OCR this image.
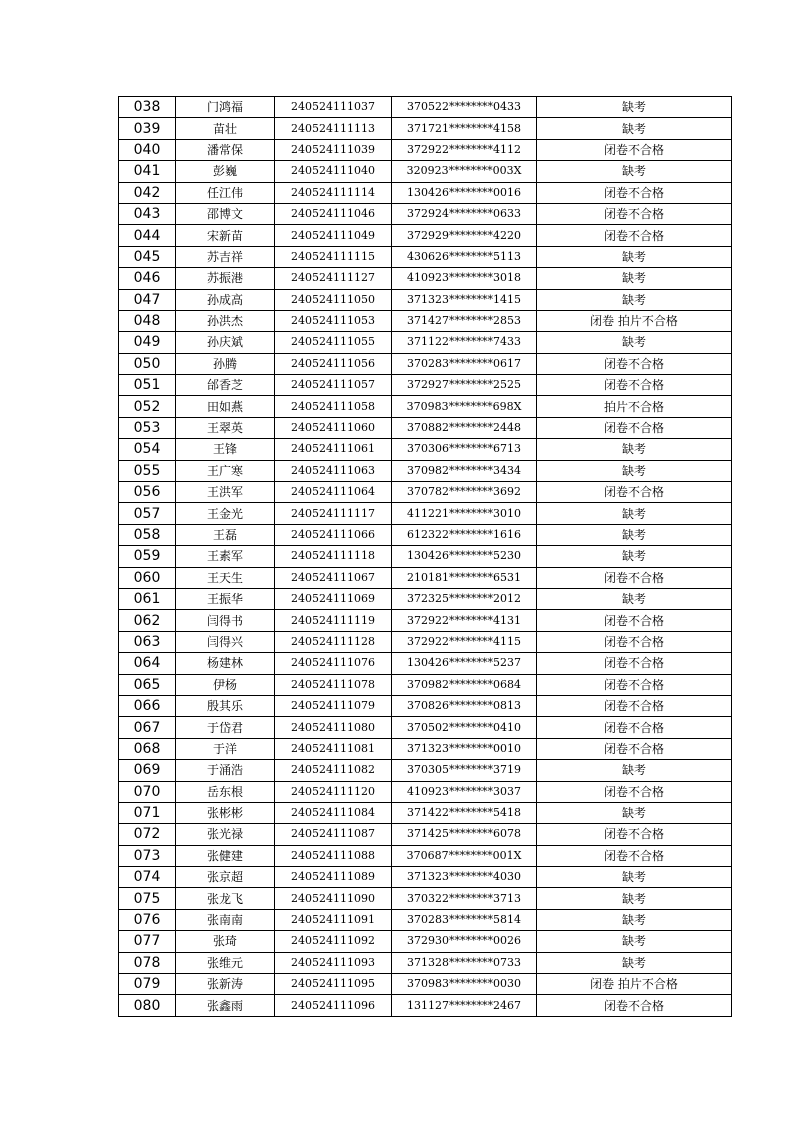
038	门鸿福	240524111037	370522********0433	缺考
039	苗壮	240524111113	371721********4158	缺考
040	潘常保	240524111039	372922********4112	闭卷不合格
041	彭巍	240524111040	320923********003X	缺考
042	任江伟	240524111114	130426********0016	闭卷不合格
043	邵博文	240524111046	372924********0633	闭卷不合格
044	宋新苗	240524111049	372929********4220	闭卷不合格
045	苏吉祥	240524111115	430626********5113	缺考
046	苏振港	240524111127	410923********3018	缺考
047	孙成高	240524111050	371323********1415	缺考
048	孙洪杰	240524111053	371427********2853	闭卷 拍片不合格
049	孙庆斌	240524111055	371122********7433	缺考
050	孙腾	240524111056	370283********0617	闭卷不合格
051	邰香芝	240524111057	372927********2525	闭卷不合格
052	田如燕	240524111058	370983********698X	拍片不合格
053	王翠英	240524111060	370882********2448	闭卷不合格
054	王锋	240524111061	370306********6713	缺考
055	王广寒	240524111063	370982********3434	缺考
056	王洪军	240524111064	370782********3692	闭卷不合格
057	王金光	240524111117	411221********3010	缺考
058	王磊	240524111066	612322********1616	缺考
059	王素军	240524111118	130426********5230	缺考
060	王天生	240524111067	210181********6531	闭卷不合格
061	王振华	240524111069	372325********2012	缺考
062	闫得书	240524111119	372922********4131	闭卷不合格
063	闫得兴	240524111128	372922********4115	闭卷不合格
064	杨建林	240524111076	130426********5237	闭卷不合格
065	伊杨	240524111078	370982********0684	闭卷不合格
066	殷其乐	240524111079	370826********0813	闭卷不合格
067	于岱君	240524111080	370502********0410	闭卷不合格
068	于洋	240524111081	371323********0010	闭卷不合格
069	于涌浩	240524111082	370305********3719	缺考
070	岳东根	240524111120	410923********3037	闭卷不合格
071	张彬彬	240524111084	371422********5418	缺考
072	张光禄	240524111087	371425********6078	闭卷不合格
073	张健建	240524111088	370687********001X	闭卷不合格
074	张京超	240524111089	371323********4030	缺考
075	张龙飞	240524111090	370322********3713	缺考
076	张南南	240524111091	370283********5814	缺考
077	张琦	240524111092	372930********0026	缺考
078	张维元	240524111093	371328********0733	缺考
079	张新涛	240524111095	370983********0030	闭卷 拍片不合格
080	张鑫雨	240524111096	131127********2467	闭卷不合格
